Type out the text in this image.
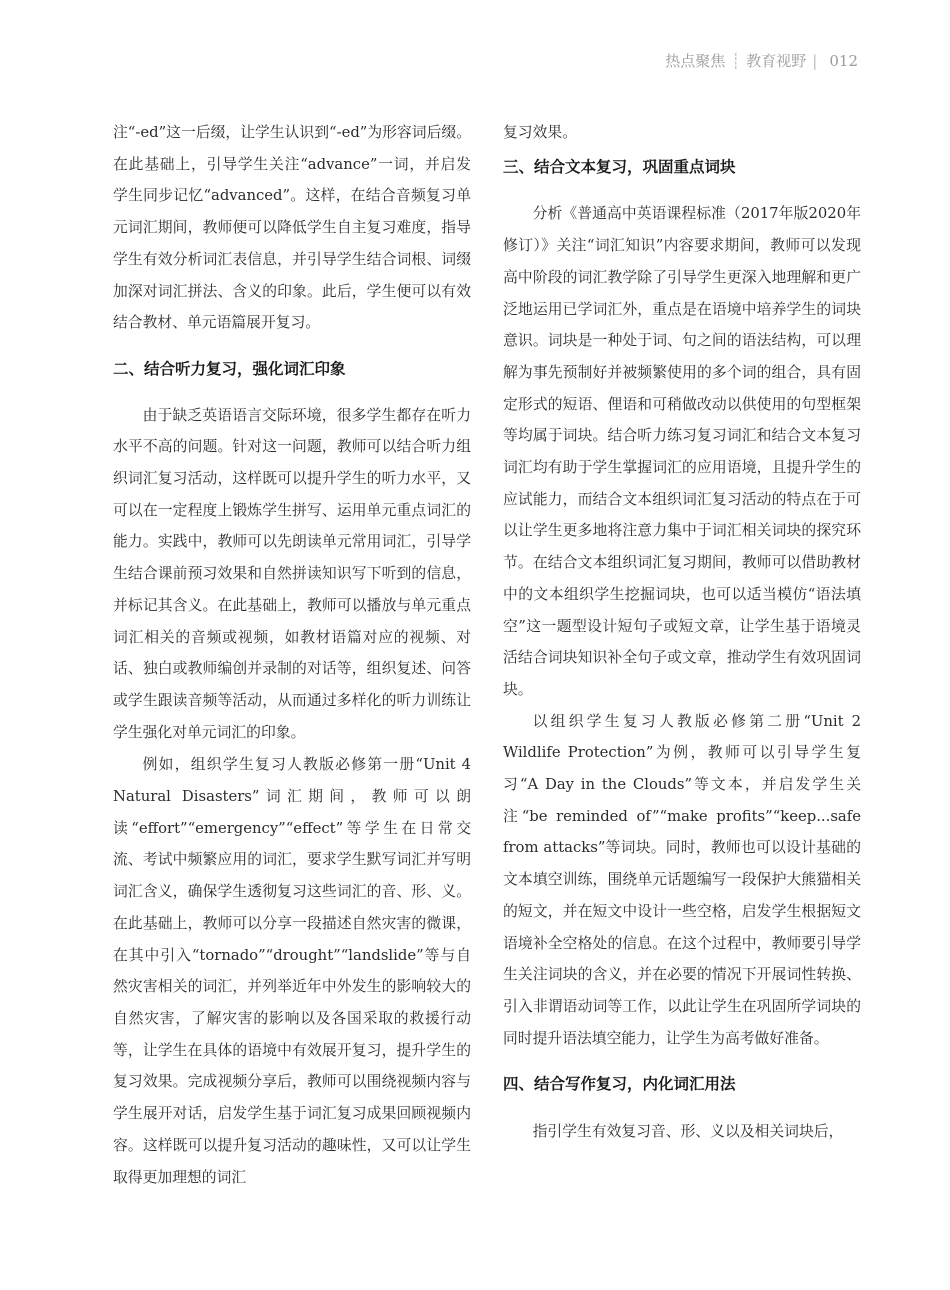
热点聚焦 ┊ 教育视野 | 012

注“-ed”这一后缀，让学生认识到“-ed”为形容词后缀。在此基础上，引导学生关注“advance”一词，并启发学生同步记忆“advanced”。这样，在结合音频复习单元词汇期间，教师便可以降低学生自主复习难度，指导学生有效分析词汇表信息，并引导学生结合词根、词缀加深对词汇拼法、含义的印象。此后，学生便可以有效结合教材、单元语篇展开复习。

二、结合听力复习，强化词汇印象

由于缺乏英语语言交际环境，很多学生都存在听力水平不高的问题。针对这一问题，教师可以结合听力组织词汇复习活动，这样既可以提升学生的听力水平，又可以在一定程度上锻炼学生拼写、运用单元重点词汇的能力。实践中，教师可以先朗读单元常用词汇，引导学生结合课前预习效果和自然拼读知识写下听到的信息，并标记其含义。在此基础上，教师可以播放与单元重点词汇相关的音频或视频，如教材语篇对应的视频、对话、独白或教师编创并录制的对话等，组织复述、问答或学生跟读音频等活动，从而通过多样化的听力训练让学生强化对单元词汇的印象。

例如，组织学生复习人教版必修第一册“Unit 4 Natural Disasters”词汇期间，教师可以朗读“effort”“emergency”“effect”等学生在日常交流、考试中频繁应用的词汇，要求学生默写词汇并写明词汇含义，确保学生透彻复习这些词汇的音、形、义。在此基础上，教师可以分享一段描述自然灾害的微课，在其中引入“tornado”“drought”“landslide”等与自然灾害相关的词汇，并列举近年中外发生的影响较大的自然灾害，了解灾害的影响以及各国采取的救援行动等，让学生在具体的语境中有效展开复习，提升学生的复习效果。完成视频分享后，教师可以围绕视频内容与学生展开对话，启发学生基于词汇复习成果回顾视频内容。这样既可以提升复习活动的趣味性，又可以让学生取得更加理想的词汇

复习效果。

三、结合文本复习，巩固重点词块

分析《普通高中英语课程标准（2017年版2020年修订）》关注“词汇知识”内容要求期间，教师可以发现高中阶段的词汇教学除了引导学生更深入地理解和更广泛地运用已学词汇外，重点是在语境中培养学生的词块意识。词块是一种处于词、句之间的语法结构，可以理解为事先预制好并被频繁使用的多个词的组合，具有固定形式的短语、俚语和可稍做改动以供使用的句型框架等均属于词块。结合听力练习复习词汇和结合文本复习词汇均有助于学生掌握词汇的应用语境，且提升学生的应试能力，而结合文本组织词汇复习活动的特点在于可以让学生更多地将注意力集中于词汇相关词块的探究环节。在结合文本组织词汇复习期间，教师可以借助教材中的文本组织学生挖掘词块，也可以适当模仿“语法填空”这一题型设计短句子或短文章，让学生基于语境灵活结合词块知识补全句子或文章，推动学生有效巩固词块。

以组织学生复习人教版必修第二册“Unit 2 Wildlife Protection”为例，教师可以引导学生复习“A Day in the Clouds”等文本，并启发学生关注“be reminded of”“make profits”“keep...safe from attacks”等词块。同时，教师也可以设计基础的文本填空训练，围绕单元话题编写一段保护大熊猫相关的短文，并在短文中设计一些空格，启发学生根据短文语境补全空格处的信息。在这个过程中，教师要引导学生关注词块的含义，并在必要的情况下开展词性转换、引入非谓语动词等工作，以此让学生在巩固所学词块的同时提升语法填空能力，让学生为高考做好准备。

四、结合写作复习，内化词汇用法

指引学生有效复习音、形、义以及相关词块后，
